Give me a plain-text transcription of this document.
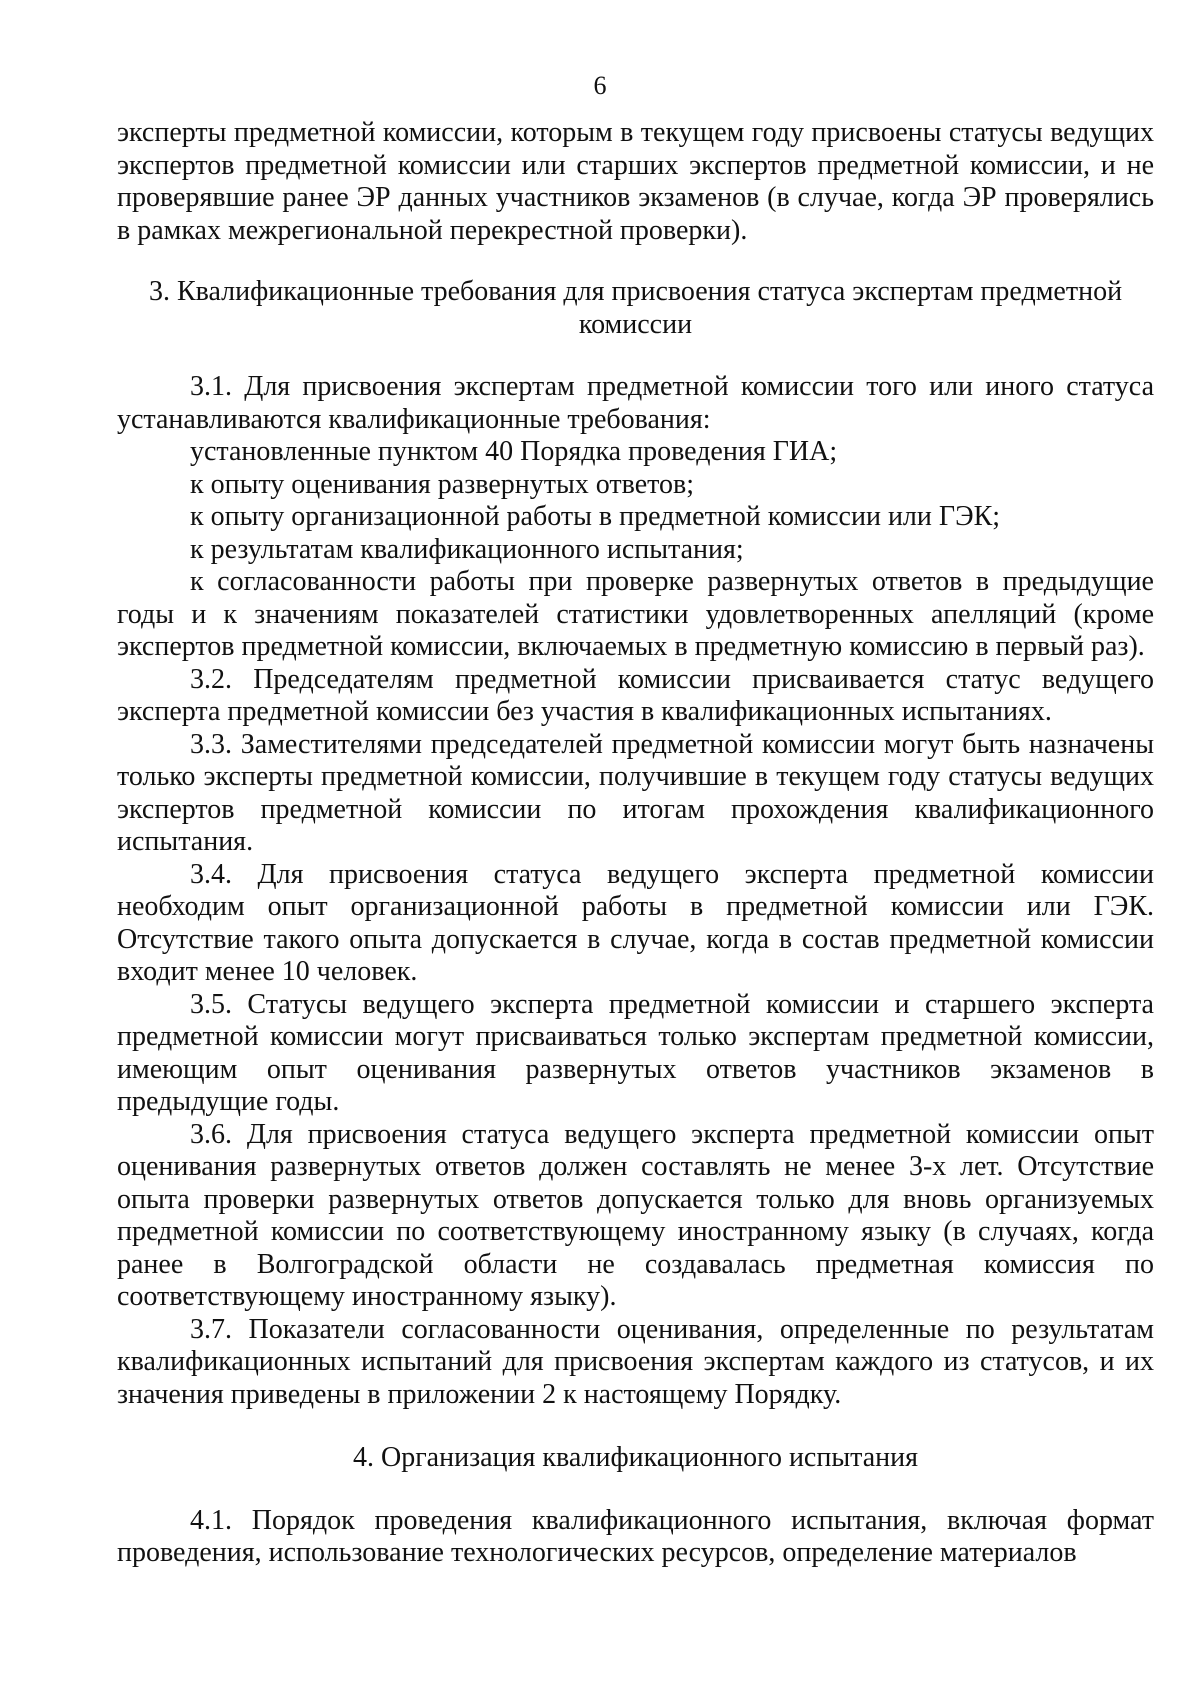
6

эксперты предметной комиссии, которым в текущем году присвоены статусы ведущих экспертов предметной комиссии или старших экспертов предметной комиссии, и не проверявшие ранее ЭР данных участников экзаменов (в случае, когда ЭР проверялись в рамках межрегиональной перекрестной проверки).

3. Квалификационные требования для присвоения статуса экспертам предметной комиссии

3.1. Для присвоения экспертам предметной комиссии того или иного статуса устанавливаются квалификационные требования:

установленные пунктом 40 Порядка проведения ГИА;

к опыту оценивания развернутых ответов;

к опыту организационной работы в предметной комиссии или ГЭК;

к результатам квалификационного испытания;

к согласованности работы при проверке развернутых ответов в предыдущие годы и к значениям показателей статистики удовлетворенных апелляций (кроме экспертов предметной комиссии, включаемых в предметную комиссию в первый раз).

3.2. Председателям предметной комиссии присваивается статус ведущего эксперта предметной комиссии без участия в квалификационных испытаниях.

3.3. Заместителями председателей предметной комиссии могут быть назначены только эксперты предметной комиссии, получившие в текущем году статусы ведущих экспертов предметной комиссии по итогам прохождения квалификационного испытания.

3.4. Для присвоения статуса ведущего эксперта предметной комиссии необходим опыт организационной работы в предметной комиссии или ГЭК. Отсутствие такого опыта допускается в случае, когда в состав предметной комиссии входит менее 10 человек.

3.5. Статусы ведущего эксперта предметной комиссии и старшего эксперта предметной комиссии могут присваиваться только экспертам предметной комиссии, имеющим опыт оценивания развернутых ответов участников экзаменов в предыдущие годы.

3.6. Для присвоения статуса ведущего эксперта предметной комиссии опыт оценивания развернутых ответов должен составлять не менее 3-х лет. Отсутствие опыта проверки развернутых ответов допускается только для вновь организуемых предметной комиссии по соответствующему иностранному языку (в случаях, когда ранее в Волгоградской области не создавалась предметная комиссия по соответствующему иностранному языку).

3.7. Показатели согласованности оценивания, определенные по результатам квалификационных испытаний для присвоения экспертам каждого из статусов, и их значения приведены в приложении 2 к настоящему Порядку.

4. Организация квалификационного испытания

4.1. Порядок проведения квалификационного испытания, включая формат проведения, использование технологических ресурсов, определение материалов
